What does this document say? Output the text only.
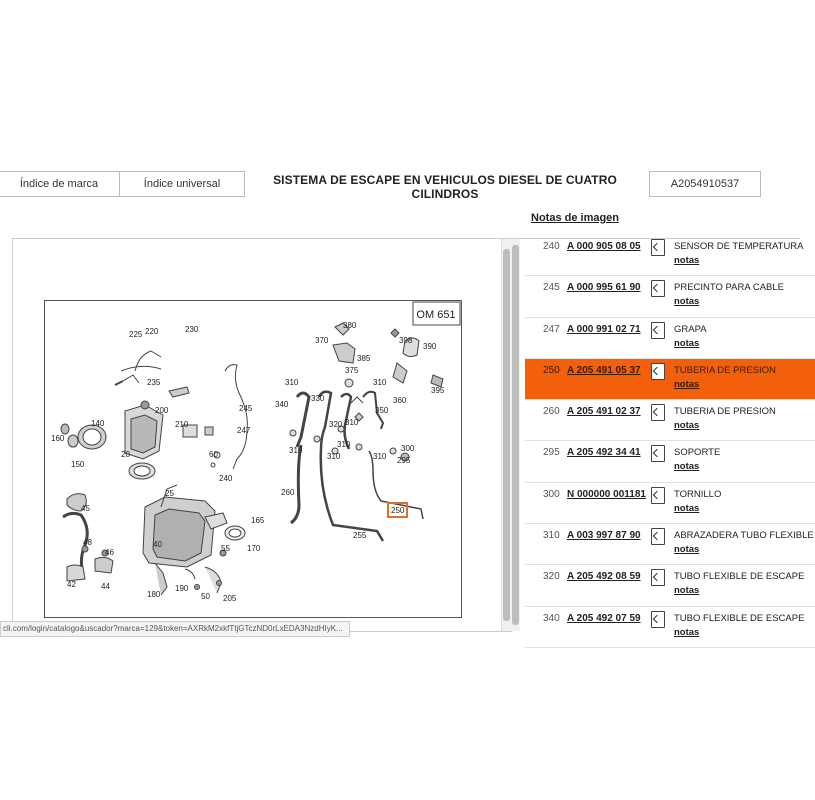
Índice de marca	Índice universal	SISTEMA DE ESCAPE EN VEHICULOS DIESEL DE CUATRO CILINDROS
A2054910537
Notas de imagen
OM 651
225 220	230
235
200	245
247
210
140
160
150
20	60
240
25
45
48
46
42	44
40
165
170
55
180
190
50 205
380
370	398
390
385
375
310
395
340
330	360
350
320
300
295
260
255
250
310
310
310
310
310
310
cli.com/login/catalogo&uscador?marca=129&token=AXRkM2xkfTtjGTczND0rLxEDA3NzdHIyK...
240 A 000 905 08 05	SENSOR DE TEMPERATURA
notas
245 A 000 995 61 90	PRECINTO PARA CABLE
notas
247 A 000 991 02 71	GRAPA
notas
250 A 205 491 05 37	TUBERIA DE PRESION
notas
260 A 205 491 02 37	TUBERIA DE PRESION
notas
295 A 205 492 34 41	SOPORTE
notas
300 N 000000 001181	TORNILLO
notas
310 A 003 997 87 90	ABRAZADERA TUBO FLEXIBLE
notas
320 A 205 492 08 59	TUBO FLEXIBLE DE ESCAPE
notas
340 A 205 492 07 59	TUBO FLEXIBLE DE ESCAPE
notas
